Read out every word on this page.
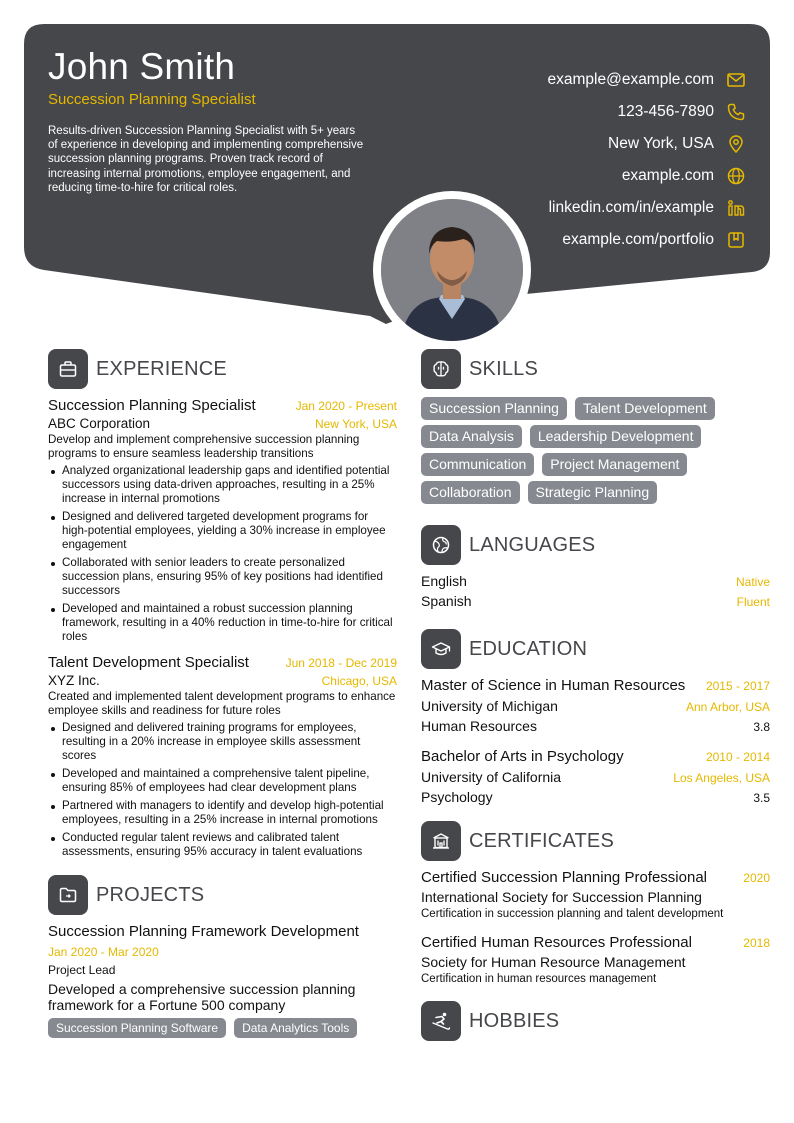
John Smith
Succession Planning Specialist
Results-driven Succession Planning Specialist with 5+ years of experience in developing and implementing comprehensive succession planning programs. Proven track record of increasing internal promotions, employee engagement, and reducing time-to-hire for critical roles.
example@example.com
123-456-7890
New York, USA
example.com
linkedin.com/in/example
example.com/portfolio
EXPERIENCE
Succession Planning Specialist	Jan 2020 - Present
ABC Corporation	New York, USA
Develop and implement comprehensive succession planning programs to ensure seamless leadership transitions
Analyzed organizational leadership gaps and identified potential successors using data-driven approaches, resulting in a 25% increase in internal promotions
Designed and delivered targeted development programs for high-potential employees, yielding a 30% increase in employee engagement
Collaborated with senior leaders to create personalized succession plans, ensuring 95% of key positions had identified successors
Developed and maintained a robust succession planning framework, resulting in a 40% reduction in time-to-hire for critical roles
Talent Development Specialist	Jun 2018 - Dec 2019
XYZ Inc.	Chicago, USA
Created and implemented talent development programs to enhance employee skills and readiness for future roles
Designed and delivered training programs for employees, resulting in a 20% increase in employee skills assessment scores
Developed and maintained a comprehensive talent pipeline, ensuring 85% of employees had clear development plans
Partnered with managers to identify and develop high-potential employees, resulting in a 25% increase in internal promotions
Conducted regular talent reviews and calibrated talent assessments, ensuring 95% accuracy in talent evaluations
PROJECTS
Succession Planning Framework Development
Jan 2020 - Mar 2020
Project Lead
Developed a comprehensive succession planning framework for a Fortune 500 company
Succession Planning Software	Data Analytics Tools
SKILLS
Succession Planning	Talent Development
Data Analysis	Leadership Development
Communication	Project Management
Collaboration	Strategic Planning
LANGUAGES
English	Native
Spanish	Fluent
EDUCATION
Master of Science in Human Resources 2015 - 2017
University of Michigan	Ann Arbor, USA
Human Resources	3.8
Bachelor of Arts in Psychology	2010 - 2014
University of California	Los Angeles, USA
Psychology	3.5
CERTIFICATES
Certified Succession Planning Professional	2020
International Society for Succession Planning
Certification in succession planning and talent development
Certified Human Resources Professional	2018
Society for Human Resource Management
Certification in human resources management
HOBBIES
